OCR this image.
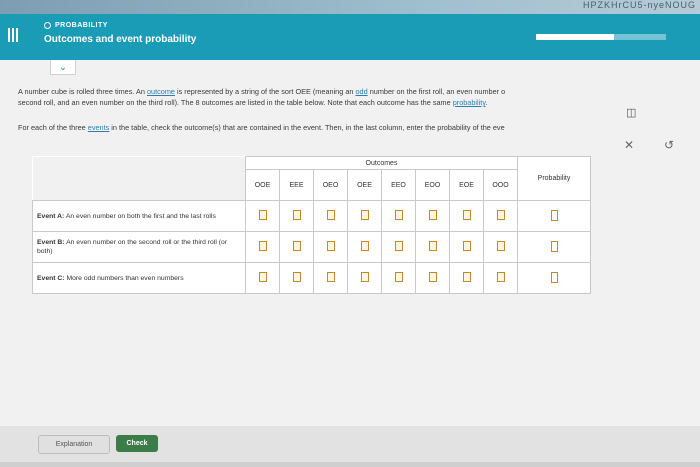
HPZKHrCU5-nyeNOUG
PROBABILITY
Outcomes and event probability
A number cube is rolled three times. An outcome is represented by a string of the sort OEE (meaning an odd number on the first roll, an even number o
second roll, and an even number on the third roll). The 8 outcomes are listed in the table below. Note that each outcome has the same probability.
For each of the three events in the table, check the outcome(s) that are contained in the event. Then, in the last column, enter the probability of the eve
⌄
	Outcomes								Probability
	OOE	EEE	OEO	OEE	EEO	EOO	EOE	OOO	
Event A: An even number on both the first and the last rolls									
Event B: An even number on the second roll or the third roll (or both)									
Event C: More odd numbers than even numbers									
◫
✕ ↺
Explanation	Check
